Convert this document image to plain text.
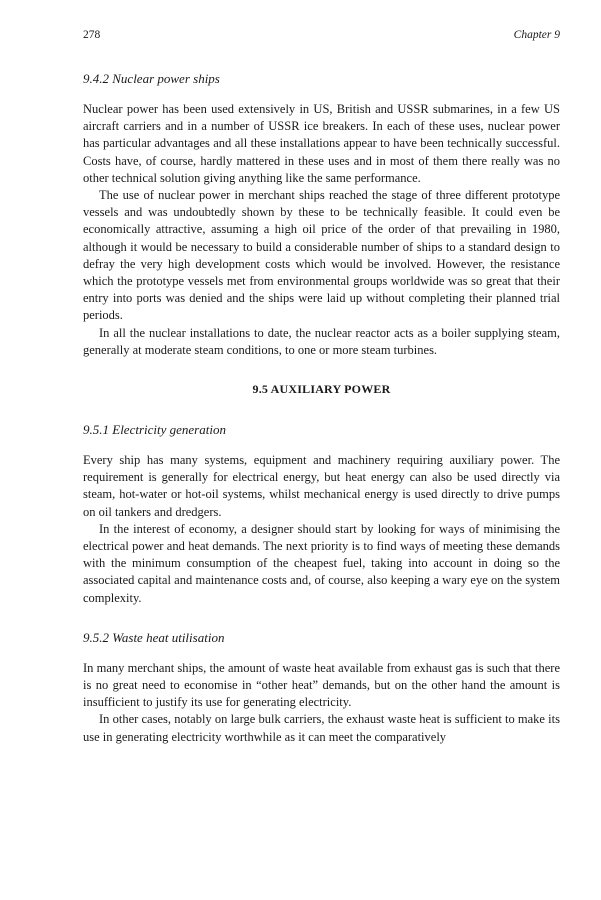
278	Chapter 9
9.4.2 Nuclear power ships

Nuclear power has been used extensively in US, British and USSR submarines, in a few US aircraft carriers and in a number of USSR ice breakers. In each of these uses, nuclear power has particular advantages and all these installations appear to have been technically successful. Costs have, of course, hardly mattered in these uses and in most of them there really was no other technical solution giving anything like the same performance.

The use of nuclear power in merchant ships reached the stage of three different prototype vessels and was undoubtedly shown by these to be technically feasible. It could even be economically attractive, assuming a high oil price of the order of that prevailing in 1980, although it would be necessary to build a considerable number of ships to a standard design to defray the very high development costs which would be involved. However, the resistance which the prototype vessels met from environmental groups worldwide was so great that their entry into ports was denied and the ships were laid up without completing their planned trial periods.

In all the nuclear installations to date, the nuclear reactor acts as a boiler supplying steam, generally at moderate steam conditions, to one or more steam turbines.

9.5 AUXILIARY POWER
9.5.1 Electricity generation

Every ship has many systems, equipment and machinery requiring auxiliary power. The requirement is generally for electrical energy, but heat energy can also be used directly via steam, hot-water or hot-oil systems, whilst mechanical energy is used directly to drive pumps on oil tankers and dredgers.

In the interest of economy, a designer should start by looking for ways of minimising the electrical power and heat demands. The next priority is to find ways of meeting these demands with the minimum consumption of the cheapest fuel, taking into account in doing so the associated capital and maintenance costs and, of course, also keeping a wary eye on the system complexity.

9.5.2 Waste heat utilisation

In many merchant ships, the amount of waste heat available from exhaust gas is such that there is no great need to economise in “other heat” demands, but on the other hand the amount is insufficient to justify its use for generating electricity.

In other cases, notably on large bulk carriers, the exhaust waste heat is sufficient to make its use in generating electricity worthwhile as it can meet the comparatively
